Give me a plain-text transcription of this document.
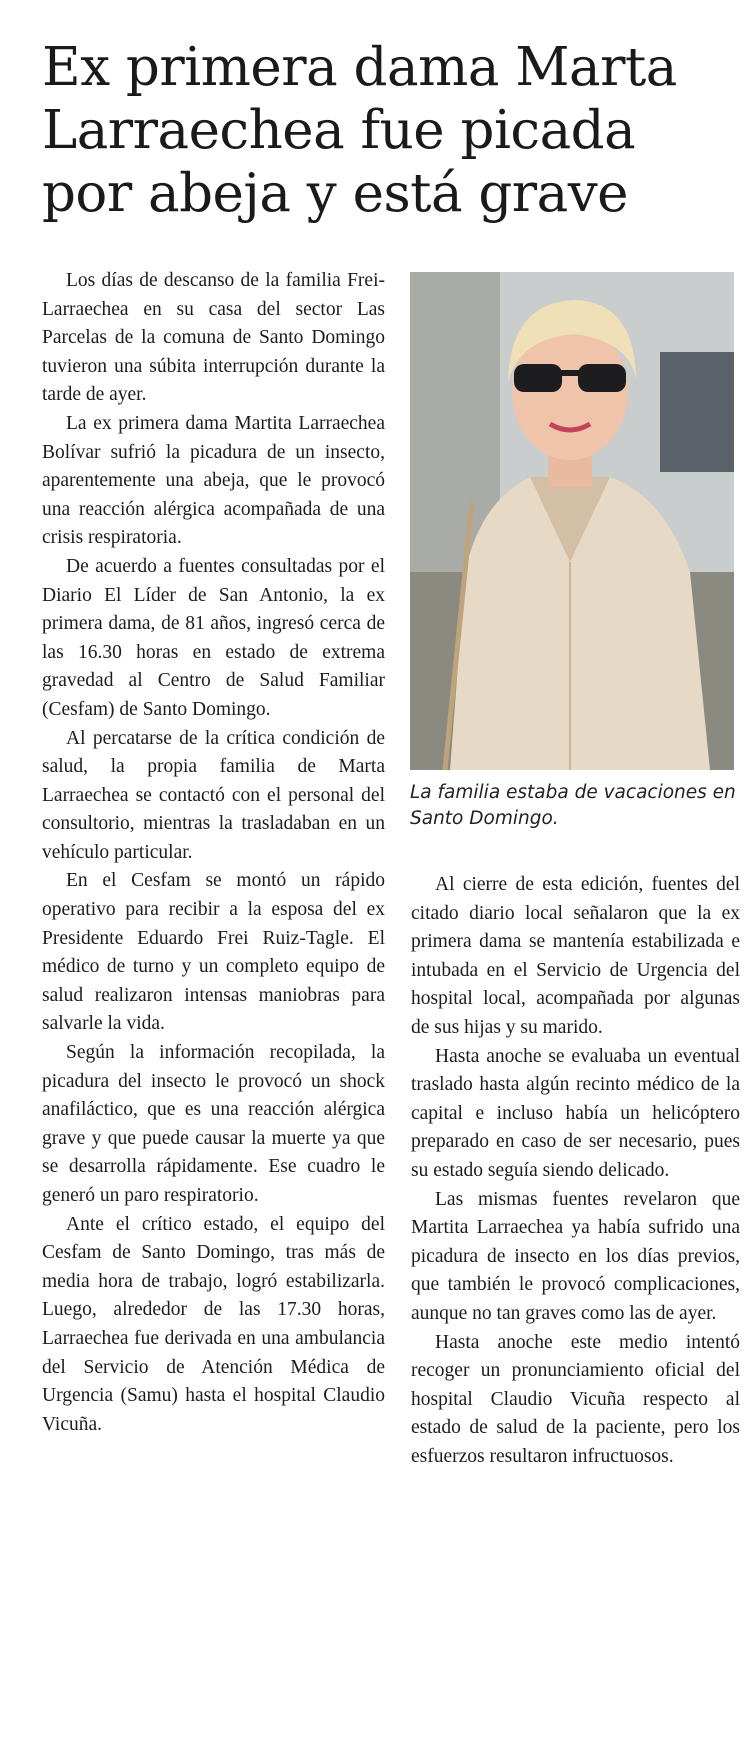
Ex primera dama Marta Larraechea fue picada por abeja y está grave

Los días de descanso de la familia Frei-Larraechea en su casa del sector Las Parcelas de la comuna de Santo Domingo tuvieron una súbita interrupción durante la tarde de ayer.

La ex primera dama Martita Larraechea Bolívar sufrió la picadura de un insecto, aparentemente una abeja, que le provocó una reacción alérgica acompañada de una crisis respiratoria.

De acuerdo a fuentes consultadas por el Diario El Líder de San Antonio, la ex primera dama, de 81 años, ingresó cerca de las 16.30 horas en estado de extrema gravedad al Centro de Salud Familiar (Cesfam) de Santo Domingo.

Al percatarse de la crítica condición de salud, la propia familia de Marta Larraechea se contactó con el personal del consultorio, mientras la trasladaban en un vehículo particular.

En el Cesfam se montó un rápido operativo para recibir a la esposa del ex Presidente Eduardo Frei Ruiz-Tagle. El médico de turno y un completo equipo de salud realizaron intensas maniobras para salvarle la vida.

Según la información recopilada, la picadura del insecto le provocó un shock anafiláctico, que es una reacción alérgica grave y que puede causar la muerte ya que se desarrolla rápidamente. Ese cuadro le generó un paro respiratorio.

Ante el crítico estado, el equipo del Cesfam de Santo Domingo, tras más de media hora de trabajo, logró estabilizarla. Luego, alrededor de las 17.30 horas, Larraechea fue derivada en una ambulancia del Servicio de Atención Médica de Urgencia (Samu) hasta el hospital Claudio Vicuña.

La familia estaba de vacaciones en Santo Domingo.

Al cierre de esta edición, fuentes del citado diario local señalaron que la ex primera dama se mantenía estabilizada e intubada en el Servicio de Urgencia del hospital local, acompañada por algunas de sus hijas y su marido.

Hasta anoche se evaluaba un eventual traslado hasta algún recinto médico de la capital e incluso había un helicóptero preparado en caso de ser necesario, pues su estado seguía siendo delicado.

Las mismas fuentes revelaron que Martita Larraechea ya había sufrido una picadura de insecto en los días previos, que también le provocó complicaciones, aunque no tan graves como las de ayer.

Hasta anoche este medio intentó recoger un pronunciamiento oficial del hospital Claudio Vicuña respecto al estado de salud de la paciente, pero los esfuerzos resultaron infructuosos.
